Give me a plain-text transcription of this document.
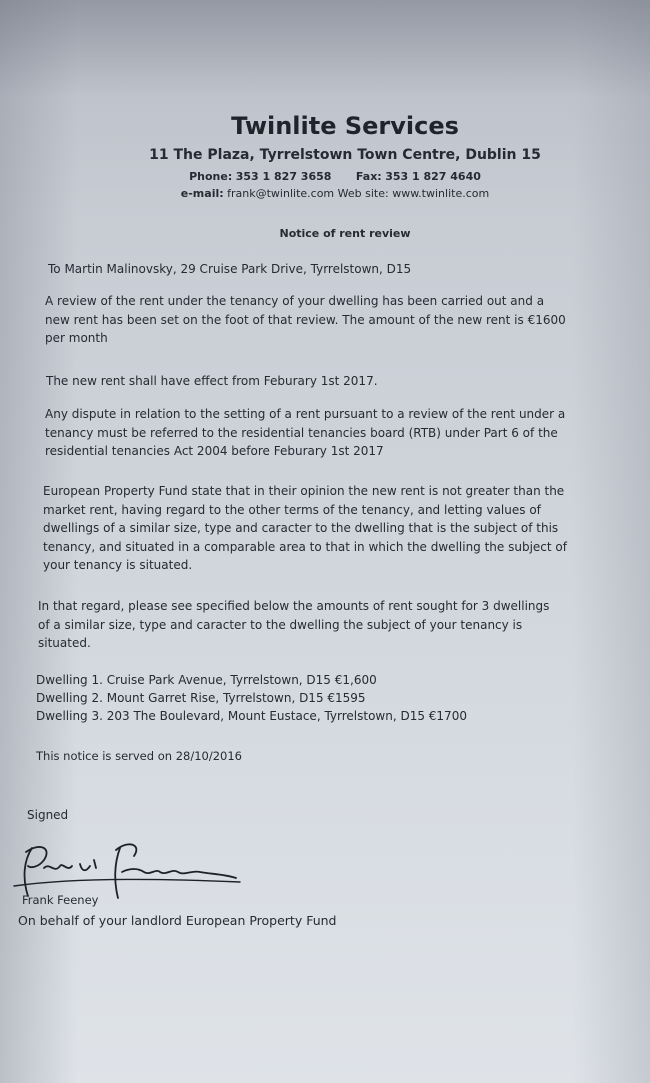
Twinlite Services
11 The Plaza, Tyrrelstown Town Centre, Dublin 15
Phone: 353 1 827 3658 Fax: 353 1 827 4640
e-mail: frank@twinlite.com Web site: www.twinlite.com
Notice of rent review
To Martin Malinovsky, 29 Cruise Park Drive, Tyrrelstown, D15
A review of the rent under the tenancy of your dwelling has been carried out and a
new rent has been set on the foot of that review. The amount of the new rent is €1600
per month
The new rent shall have effect from Feburary 1st 2017.
Any dispute in relation to the setting of a rent pursuant to a review of the rent under a
tenancy must be referred to the residential tenancies board (RTB) under Part 6 of the
residential tenancies Act 2004 before Feburary 1st 2017
European Property Fund state that in their opinion the new rent is not greater than the
market rent, having regard to the other terms of the tenancy, and letting values of
dwellings of a similar size, type and caracter to the dwelling that is the subject of this
tenancy, and situated in a comparable area to that in which the dwelling the subject of
your tenancy is situated.
In that regard, please see specified below the amounts of rent sought for 3 dwellings
of a similar size, type and caracter to the dwelling the subject of your tenancy is
situated.
Dwelling 1. Cruise Park Avenue, Tyrrelstown, D15 €1,600
Dwelling 2. Mount Garret Rise, Tyrrelstown, D15 €1595
Dwelling 3. 203 The Boulevard, Mount Eustace, Tyrrelstown, D15 €1700
This notice is served on 28/10/2016
Signed
Frank Feeney
On behalf of your landlord European Property Fund
